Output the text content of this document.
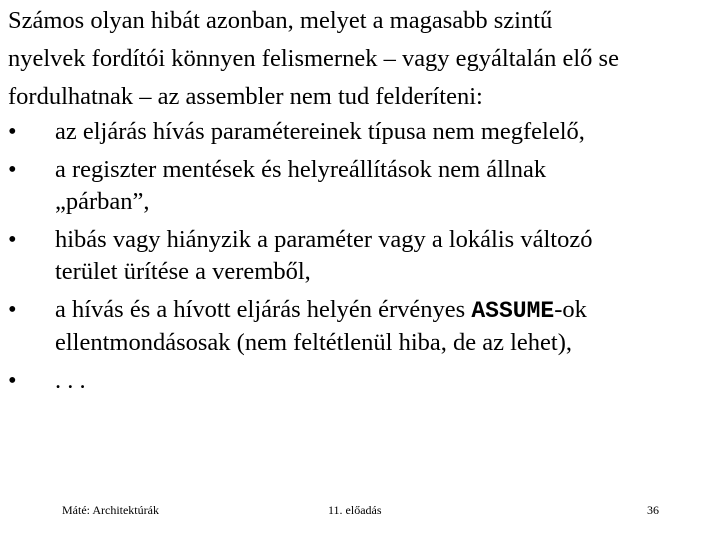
Számos olyan hibát azonban, melyet a magasabb szintű
nyelvek fordítói könnyen felismernek – vagy egyáltalán elő se
fordulhatnak – az assembler nem tud felderíteni:
•	az eljárás hívás paramétereinek típusa nem megfelelő,
•	a regiszter mentések és helyreállítások nem állnak
„párban”,
•	hibás vagy hiányzik a paraméter vagy a lokális változó
terület ürítése a veremből,
•	a hívás és a hívott eljárás helyén érvényes ASSUME-ok
ellentmondásosak (nem feltétlenül hiba, de az lehet),
•	. . .
Máté: Architektúrák	11. előadás	36
